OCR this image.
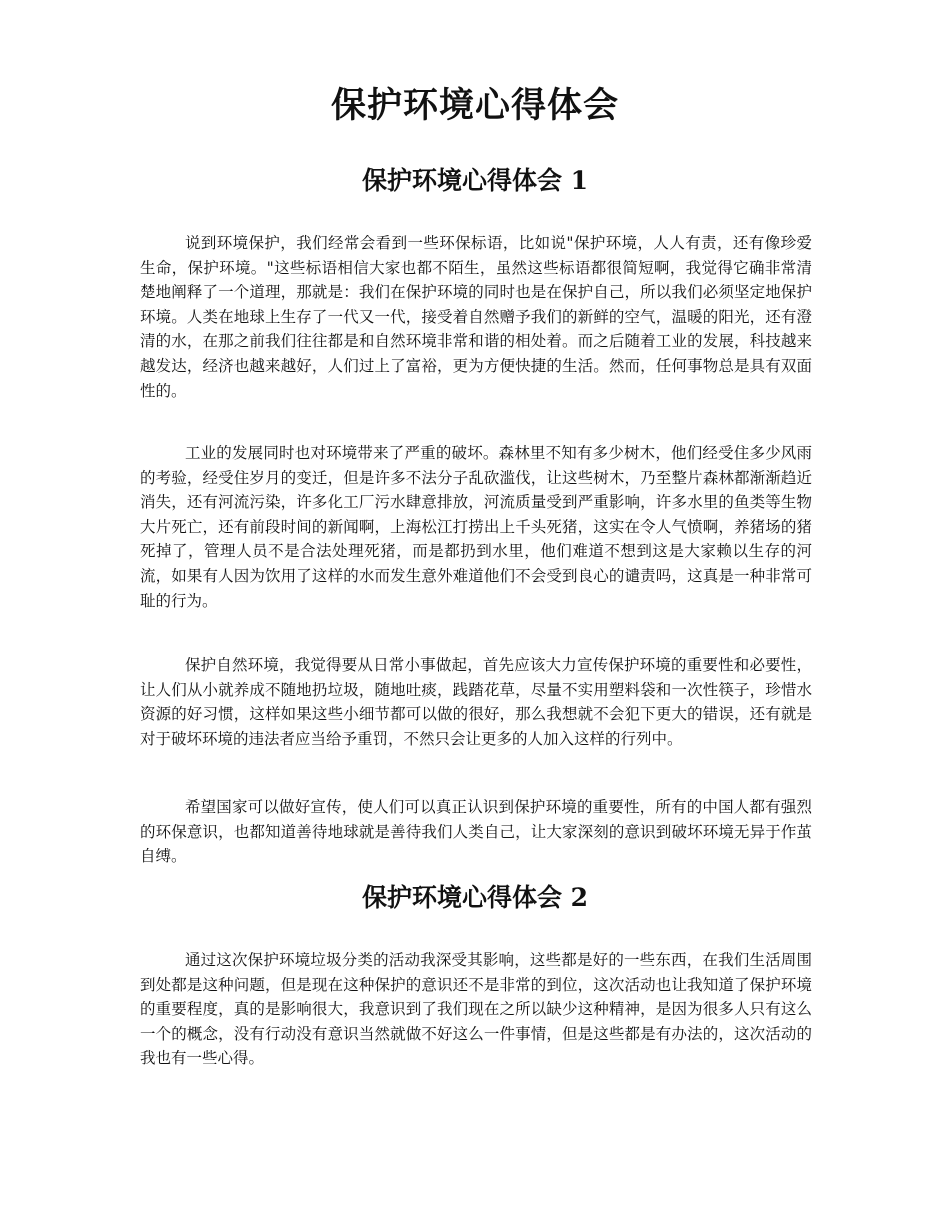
保护环境心得体会
保护环境心得体会 1

说到环境保护，我们经常会看到一些环保标语，比如说"保护环境，人人有责，还有像珍爱生命，保护环境。"这些标语相信大家也都不陌生，虽然这些标语都很简短啊，我觉得它确非常清楚地阐释了一个道理，那就是：我们在保护环境的同时也是在保护自己，所以我们必须坚定地保护环境。人类在地球上生存了一代又一代，接受着自然赠予我们的新鲜的空气，温暖的阳光，还有澄清的水，在那之前我们往往都是和自然环境非常和谐的相处着。而之后随着工业的发展，科技越来越发达，经济也越来越好，人们过上了富裕，更为方便快捷的生活。然而，任何事物总是具有双面性的。

工业的发展同时也对环境带来了严重的破坏。森林里不知有多少树木，他们经受住多少风雨的考验，经受住岁月的变迁，但是许多不法分子乱砍滥伐，让这些树木，乃至整片森林都渐渐趋近消失，还有河流污染，许多化工厂污水肆意排放，河流质量受到严重影响，许多水里的鱼类等生物大片死亡，还有前段时间的新闻啊，上海松江打捞出上千头死猪，这实在令人气愤啊，养猪场的猪死掉了，管理人员不是合法处理死猪，而是都扔到水里，他们难道不想到这是大家赖以生存的河流，如果有人因为饮用了这样的水而发生意外难道他们不会受到良心的谴责吗，这真是一种非常可耻的行为。

保护自然环境，我觉得要从日常小事做起，首先应该大力宣传保护环境的重要性和必要性，让人们从小就养成不随地扔垃圾，随地吐痰，践踏花草，尽量不实用塑料袋和一次性筷子，珍惜水资源的好习惯，这样如果这些小细节都可以做的很好，那么我想就不会犯下更大的错误，还有就是对于破坏环境的违法者应当给予重罚，不然只会让更多的人加入这样的行列中。

希望国家可以做好宣传，使人们可以真正认识到保护环境的重要性，所有的中国人都有强烈的环保意识，也都知道善待地球就是善待我们人类自己，让大家深刻的意识到破坏环境无异于作茧自缚。

保护环境心得体会 2

通过这次保护环境垃圾分类的活动我深受其影响，这些都是好的一些东西，在我们生活周围到处都是这种问题，但是现在这种保护的意识还不是非常的到位，这次活动也让我知道了保护环境的重要程度，真的是影响很大，我意识到了我们现在之所以缺少这种精神，是因为很多人只有这么一个的概念，没有行动没有意识当然就做不好这么一件事情，但是这些都是有办法的，这次活动的我也有一些心得。
